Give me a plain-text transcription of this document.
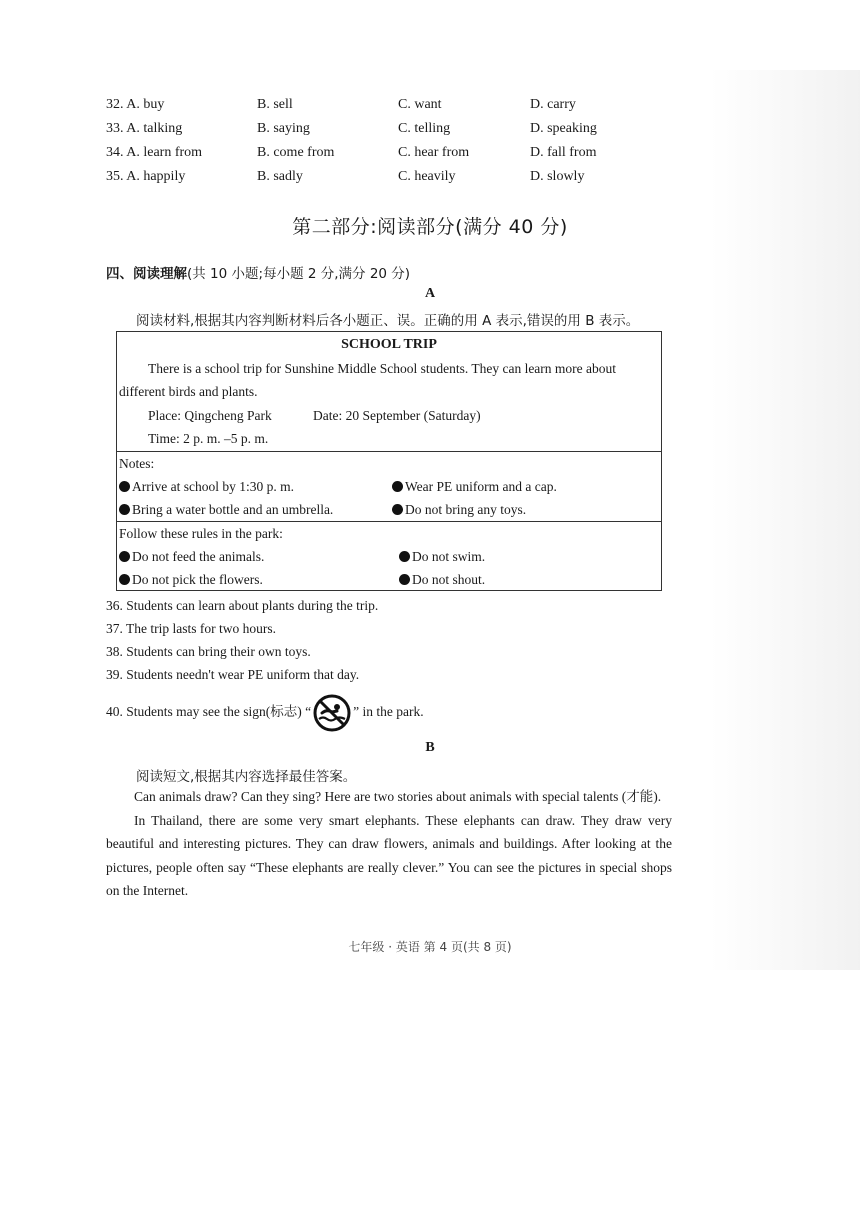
32. A. buy	B. sell	C. want	D. carry
33. A. talking	B. saying	C. telling	D. speaking
34. A. learn from	B. come from	C. hear from	D. fall from
35. A. happily	B. sadly	C. heavily	D. slowly
第二部分:阅读部分(满分 40 分)
四、阅读理解(共 10 小题;每小题 2 分,满分 20 分)
A
阅读材料,根据其内容判断材料后各小题正、误。正确的用 A 表示,错误的用 B 表示。
SCHOOL TRIP
There is a school trip for Sunshine Middle School students. They can learn more about
different birds and plants.
Place: Qingcheng Park	Date: 20 September (Saturday)
Time: 2 p. m. –5 p. m.
Notes:
Arrive at school by 1:30 p. m.	Wear PE uniform and a cap.
Bring a water bottle and an umbrella.	Do not bring any toys.
Follow these rules in the park:
Do not feed the animals.	Do not swim.
Do not pick the flowers.	Do not shout.
36. Students can learn about plants during the trip.
37. The trip lasts for two hours.
38. Students can bring their own toys.
39. Students needn't wear PE uniform that day.
40. Students may see the sign(标志) “	” in the park.
B
阅读短文,根据其内容选择最佳答案。

Can animals draw? Can they sing? Here are two stories about animals with special talents (才能).

In Thailand, there are some very smart elephants. These elephants can draw. They draw very beautiful and interesting pictures. They can draw flowers, animals and buildings. After looking at the pictures, people often say “These elephants are really clever.” You can see the pictures in special shops on the Internet.

七年级 · 英语 第 4 页(共 8 页)
